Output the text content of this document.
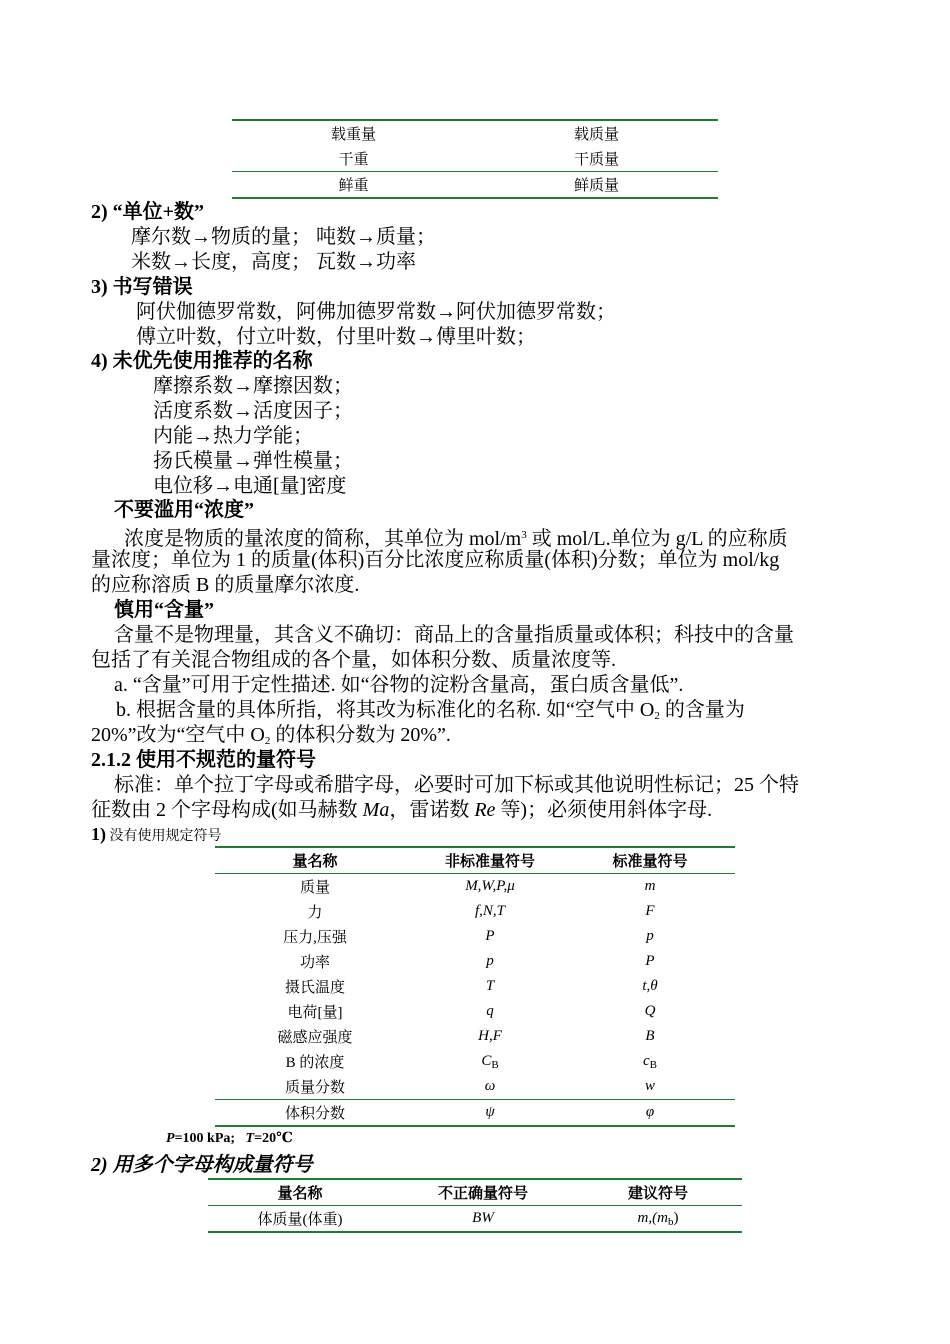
载重量	载质量
干重	干质量
鲜重	鲜质量
2) “单位+数”
摩尔数→物质的量； 吨数→质量；
米数→长度，高度； 瓦数→功率
3) 书写错误
阿伏伽德罗常数，阿佛加德罗常数→阿伏加德罗常数；
傅立叶数，付立叶数，付里叶数→傅里叶数；
4) 未优先使用推荐的名称
摩擦系数→摩擦因数；
活度系数→活度因子；
内能→热力学能；
扬氏模量→弹性模量；
电位移→电通[量]密度
不要滥用“浓度”
浓度是物质的量浓度的简称，其单位为 mol/$m^3$ 或 mol/L.单位为 g/L 的应称质
量浓度；单位为 1 的质量(体积)百分比浓度应称质量(体积)分数；单位为 mol/kg
的应称溶质 B 的质量摩尔浓度.
慎用“含量”
含量不是物理量，其含义不确切：商品上的含量指质量或体积；科技中的含量
包括了有关混合物组成的各个量，如体积分数、质量浓度等.
a. “含量”可用于定性描述. 如“谷物的淀粉含量高，蛋白质含量低”.
b. 根据含量的具体所指，将其改为标准化的名称. 如“空气中 $O_2$ 的含量为
20%”改为“空气中 $O_2$ 的体积分数为 20%”.
2.1.2 使用不规范的量符号
标准：单个拉丁字母或希腊字母，必要时可加下标或其他说明性标记；25 个特
征数由 2 个字母构成(如马赫数 Ma，雷诺数 Re 等)；必须使用斜体字母.
1) 没有使用规定符号
量名称	非标准量符号	标准量符号
质量	M,W,P,μ	m
力	f,N,T	F
压力,压强	P	p
功率	p	P
摄氏温度	T	t,θ
电荷[量]	q	Q
磁感应强度	H,F	B
B 的浓度	$C_B$	$c_B$
质量分数	ω	w
体积分数	ψ	φ
P=100 kPa; T=20℃
2) 用多个字母构成量符号
量名称	不正确量符号	建议符号
体质量(体重)	BW	$m,(m_b)$
